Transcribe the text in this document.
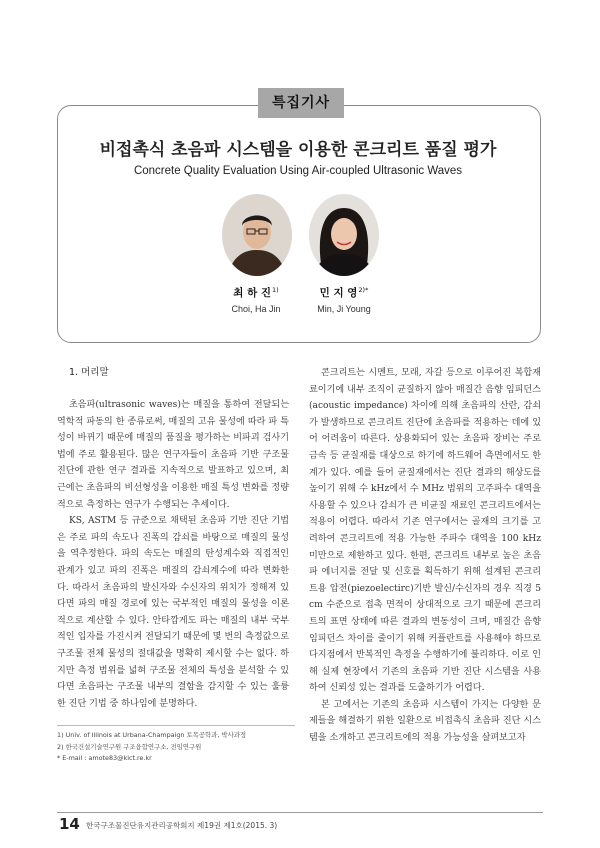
특집기사
비접촉식 초음파 시스템을 이용한 콘크리트 품질 평가
Concrete Quality Evaluation Using Air-coupled Ultrasonic Waves
최 하 진$^{1)}$	민 지 영$^{2)*}$
Choi, Ha Jin	Min, Ji Young
1. 머리말

초음파(ultrasonic waves)는 매질을 통하여 전달되는 역학적 파동의 한 종류로써, 매질의 고유 물성에 따라 파 특성이 바뀌기 때문에 매질의 품질을 평가하는 비파괴 검사기법에 주로 활용된다. 많은 연구자들이 초음파 기반 구조물 진단에 관한 연구 결과를 지속적으로 발표하고 있으며, 최근에는 초음파의 비선형성을 이용한 매질 특성 변화를 정량적으로 측정하는 연구가 수행되는 추세이다.

KS, ASTM 등 규준으로 채택된 초음파 기반 진단 기법은 주로 파의 속도나 진폭의 감쇠를 바탕으로 매질의 물성을 역추정한다. 파의 속도는 매질의 탄성계수와 직접적인 관계가 있고 파의 진폭은 매질의 감쇠계수에 따라 변화한다. 따라서 초음파의 발신자와 수신자의 위치가 정해져 있다면 파의 매질 경로에 있는 국부적인 매질의 물성을 이론적으로 계산할 수 있다. 안타깝게도 파는 매질의 내부 국부적인 입자를 가진시켜 전달되기 때문에 몇 번의 측정값으로 구조물 전체 물성의 절대값을 명확히 제시할 수는 없다. 하지만 측정 범위를 넓혀 구조물 전체의 특성을 분석할 수 있다면 초음파는 구조물 내부의 결함을 감지할 수 있는 훌륭한 진단 기법 중 하나임에 분명하다.

콘크리트는 시멘트, 모래, 자갈 등으로 이루어진 복합재료이기에 내부 조직이 균질하지 않아 매질간 음향 임피던스(acoustic impedance) 차이에 의해 초음파의 산란, 감쇠가 발생하므로 콘크리트 진단에 초음파를 적용하는 데에 있어 어려움이 따른다. 상용화되어 있는 초음파 장비는 주로 금속 등 균질재를 대상으로 하기에 하드웨어 측면에서도 한계가 있다. 예를 들어 균질재에서는 진단 결과의 해상도를 높이기 위해 수 kHz에서 수 MHz 범위의 고주파수 대역을 사용할 수 있으나 감쇠가 큰 비균질 재료인 콘크리트에서는 적용이 어렵다. 따라서 기존 연구에서는 골재의 크기를 고려하여 콘크리트에 적용 가능한 주파수 대역을 100 kHz 미만으로 제한하고 있다. 한편, 콘크리트 내부로 높은 초음파 에너지를 전달 및 신호를 획득하기 위해 설계된 콘크리트용 압전(piezoelectirc)기반 발신/수신자의 경우 직경 5 cm 수준으로 접촉 면적이 상대적으로 크기 때문에 콘크리트의 표면 상태에 따른 결과의 변동성이 크며, 매질간 음향 임피던스 차이를 줄이기 위해 커플란트를 사용해야 하므로 다지점에서 반복적인 측정을 수행하기에 불리하다. 이로 인해 실제 현장에서 기존의 초음파 기반 진단 시스템을 사용하여 신뢰성 있는 결과를 도출하기가 어렵다.

본 고에서는 기존의 초음파 시스템이 가지는 다양한 문제들을 해결하기 위한 일환으로 비접촉식 초음파 진단 시스템을 소개하고 콘크리트에의 적용 가능성을 살펴보고자

1) Univ. of Illinois at Urbana-Champaign 토목공학과, 박사과정
2) 한국건설기술연구원 구조융합연구소, 전임연구원
* E-mail : amote83@kict.re.kr
14 한국구조물진단유지관리공학회지 제19권 제1호(2015. 3)
